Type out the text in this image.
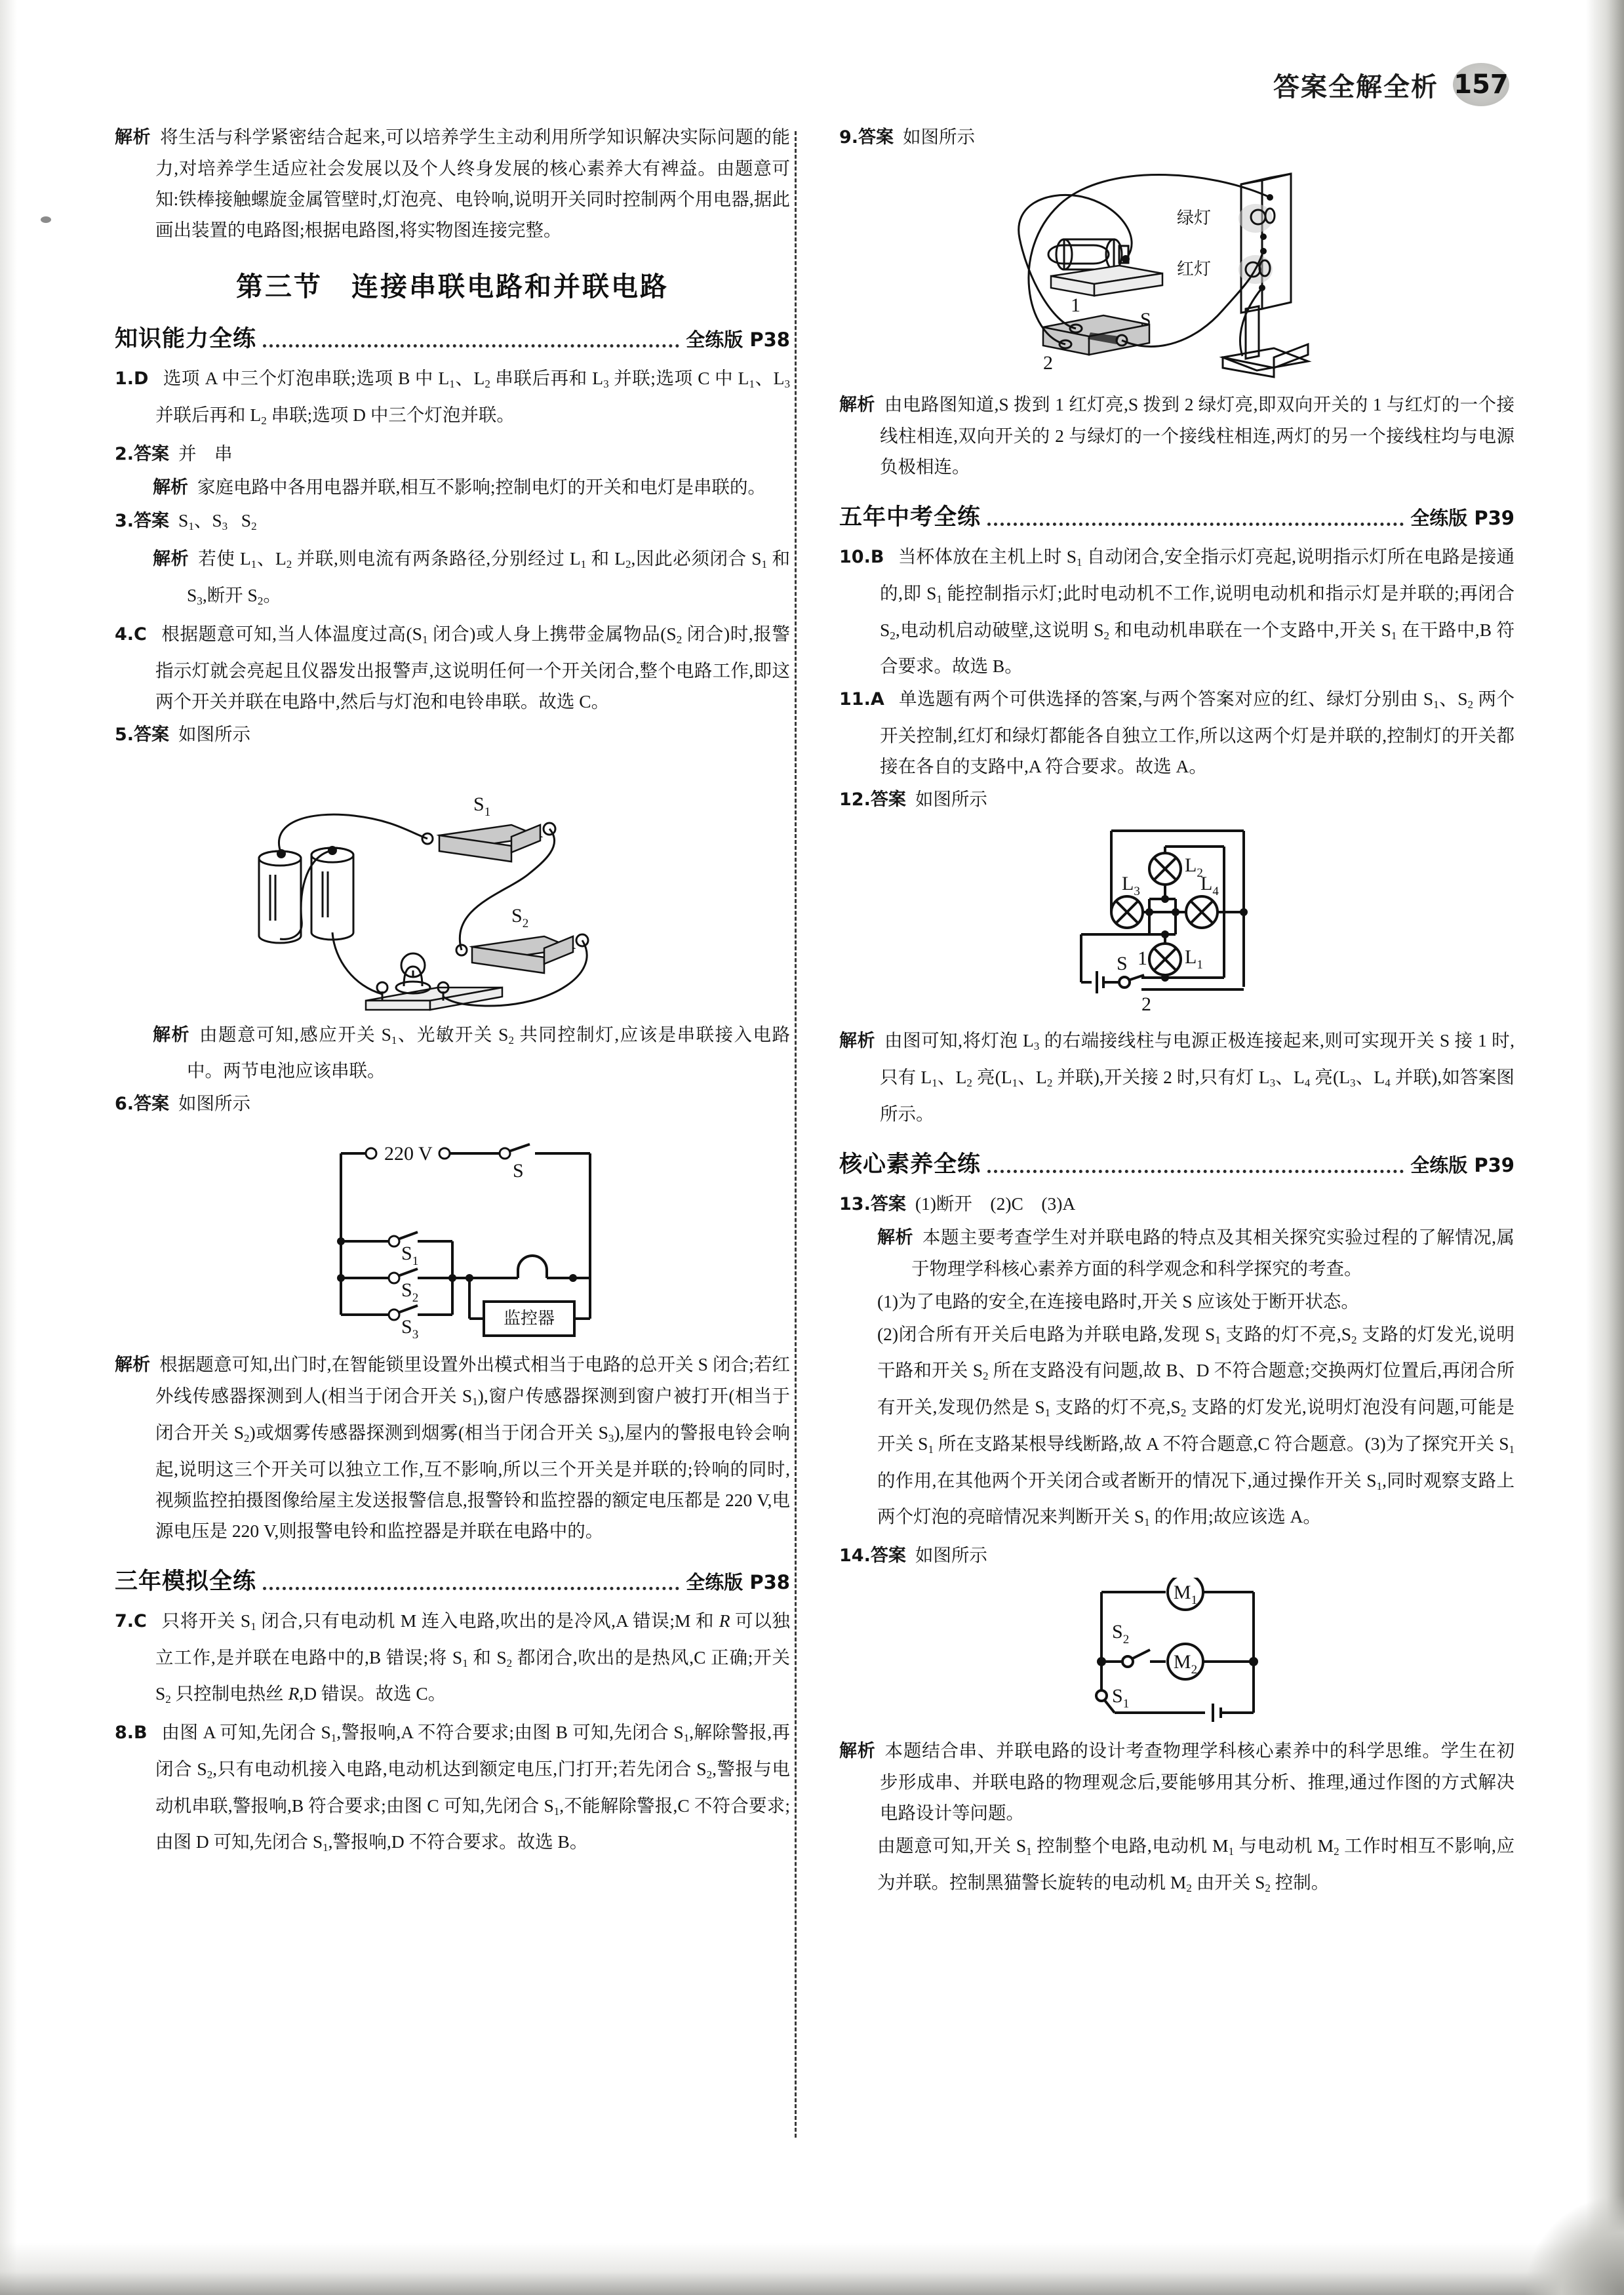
答案全解全析 157

解析 将生活与科学紧密结合起来,可以培养学生主动利用所学知识解决实际问题的能力,对培养学生适应社会发展以及个人终身发展的核心素养大有裨益。由题意可知:铁棒接触螺旋金属管壁时,灯泡亮、电铃响,说明开关同时控制两个用电器,据此画出装置的电路图;根据电路图,将实物图连接完整。

第三节　连接串联电路和并联电路
知识能力全练	全练版 P38

1.D   选项 A 中三个灯泡串联;选项 B 中 $L_1$、$L_2$ 串联后再和 $L_3$ 并联;选项 C 中 $L_1$、$L_3$ 并联后再和 $L_2$ 串联;选项 D 中三个灯泡并联。

2.答案 并　串

解析 家庭电路中各用电器并联,相互不影响;控制电灯的开关和电灯是串联的。

3.答案 $S_1$、$S_3$   $S_2$

解析 若使 $L_1$、$L_2$ 并联,则电流有两条路径,分别经过 $L_1$ 和 $L_2$,因此必须闭合 $S_1$ 和 $S_3$,断开 $S_2$。

4.C   根据题意可知,当人体温度过高($S_1$ 闭合)或人身上携带金属物品($S_2$ 闭合)时,报警指示灯就会亮起且仪器发出报警声,这说明任何一个开关闭合,整个电路工作,即这两个开关并联在电路中,然后与灯泡和电铃串联。故选 C。

5.答案 如图所示

$S_1$
$S_2$

解析 由题意可知,感应开关 $S_1$、光敏开关 $S_2$ 共同控制灯,应该是串联接入电路中。两节电池应该串联。

6.答案 如图所示

220 V
S
$S_1$
$S_2$
$S_3$
监控器

解析 根据题意可知,出门时,在智能锁里设置外出模式相当于电路的总开关 S 闭合;若红外线传感器探测到人(相当于闭合开关 $S_1$),窗户传感器探测到窗户被打开(相当于闭合开关 $S_2$)或烟雾传感器探测到烟雾(相当于闭合开关 $S_3$),屋内的警报电铃会响起,说明这三个开关可以独立工作,互不影响,所以三个开关是并联的;铃响的同时,视频监控拍摄图像给屋主发送报警信息,报警铃和监控器的额定电压都是 220 V,电源电压是 220 V,则报警电铃和监控器是并联在电路中的。

三年模拟全练	全练版 P38

7.C   只将开关 $S_1$ 闭合,只有电动机 M 连入电路,吹出的是冷风,A 错误;M 和 R 可以独立工作,是并联在电路中的,B 错误;将 $S_1$ 和 $S_2$ 都闭合,吹出的是热风,C 正确;开关 $S_2$ 只控制电热丝 R,D 错误。故选 C。

8.B   由图 A 可知,先闭合 $S_1$,警报响,A 不符合要求;由图 B 可知,先闭合 $S_1$,解除警报,再闭合 $S_2$,只有电动机接入电路,电动机达到额定电压,门打开;若先闭合 $S_2$,警报与电动机串联,警报响,B 符合要求;由图 C 可知,先闭合 $S_1$,不能解除警报,C 不符合要求;由图 D 可知,先闭合 $S_1$,警报响,D 不符合要求。故选 B。

9.答案 如图所示

绿灯
红灯
1
2
S

解析 由电路图知道,S 拨到 1 红灯亮,S 拨到 2 绿灯亮,即双向开关的 1 与红灯的一个接线柱相连,双向开关的 2 与绿灯的一个接线柱相连,两灯的另一个接线柱均与电源负极相连。

五年中考全练	全练版 P39

10.B   当杯体放在主机上时 $S_1$ 自动闭合,安全指示灯亮起,说明指示灯所在电路是接通的,即 $S_1$ 能控制指示灯;此时电动机不工作,说明电动机和指示灯是并联的;再闭合 $S_2$,电动机启动破壁,这说明 $S_2$ 和电动机串联在一个支路中,开关 $S_1$ 在干路中,B 符合要求。故选 B。

11.A   单选题有两个可供选择的答案,与两个答案对应的红、绿灯分别由 $S_1$、$S_2$ 两个开关控制,红灯和绿灯都能各自独立工作,所以这两个灯是并联的,控制灯的开关都接在各自的支路中,A 符合要求。故选 A。

12.答案 如图所示

$L_2$
$L_3$	$L_4$
$L_1$
S 1
2

解析 由图可知,将灯泡 $L_3$ 的右端接线柱与电源正极连接起来,则可实现开关 S 接 1 时,只有 $L_1$、$L_2$ 亮($L_1$、$L_2$ 并联),开关接 2 时,只有灯 $L_3$、$L_4$ 亮($L_3$、$L_4$ 并联),如答案图所示。

核心素养全练	全练版 P39

13.答案 (1)断开　(2)C　(3)A

解析 本题主要考查学生对并联电路的特点及其相关探究实验过程的了解情况,属于物理学科核心素养方面的科学观念和科学探究的考查。

(1)为了电路的安全,在连接电路时,开关 S 应该处于断开状态。

(2)闭合所有开关后电路为并联电路,发现 $S_1$ 支路的灯不亮$,S_2$ 支路的灯发光,说明干路和开关 $S_2$ 所在支路没有问题,故 B、D 不符合题意;交换两灯位置后,再闭合所有开关,发现仍然是 $S_1$ 支路的灯不亮$,S_2$ 支路的灯发光,说明灯泡没有问题,可能是开关 $S_1$ 所在支路某根导线断路,故 A 不符合题意,C 符合题意。(3)为了探究开关 $S_1$ 的作用,在其他两个开关闭合或者断开的情况下,通过操作开关 $S_1$,同时观察支路上两个灯泡的亮暗情况来判断开关 $S_1$ 的作用;故应该选 A。

14.答案 如图所示

$M_1$
$S_2$
$M_2$
$S_1$

解析 本题结合串、并联电路的设计考查物理学科核心素养中的科学思维。学生在初步形成串、并联电路的物理观念后,要能够用其分析、推理,通过作图的方式解决电路设计等问题。

由题意可知,开关 $S_1$ 控制整个电路,电动机 $M_1$ 与电动机 $M_2$ 工作时相互不影响,应为并联。控制黑猫警长旋转的电动机 $M_2$ 由开关 $S_2$ 控制。
